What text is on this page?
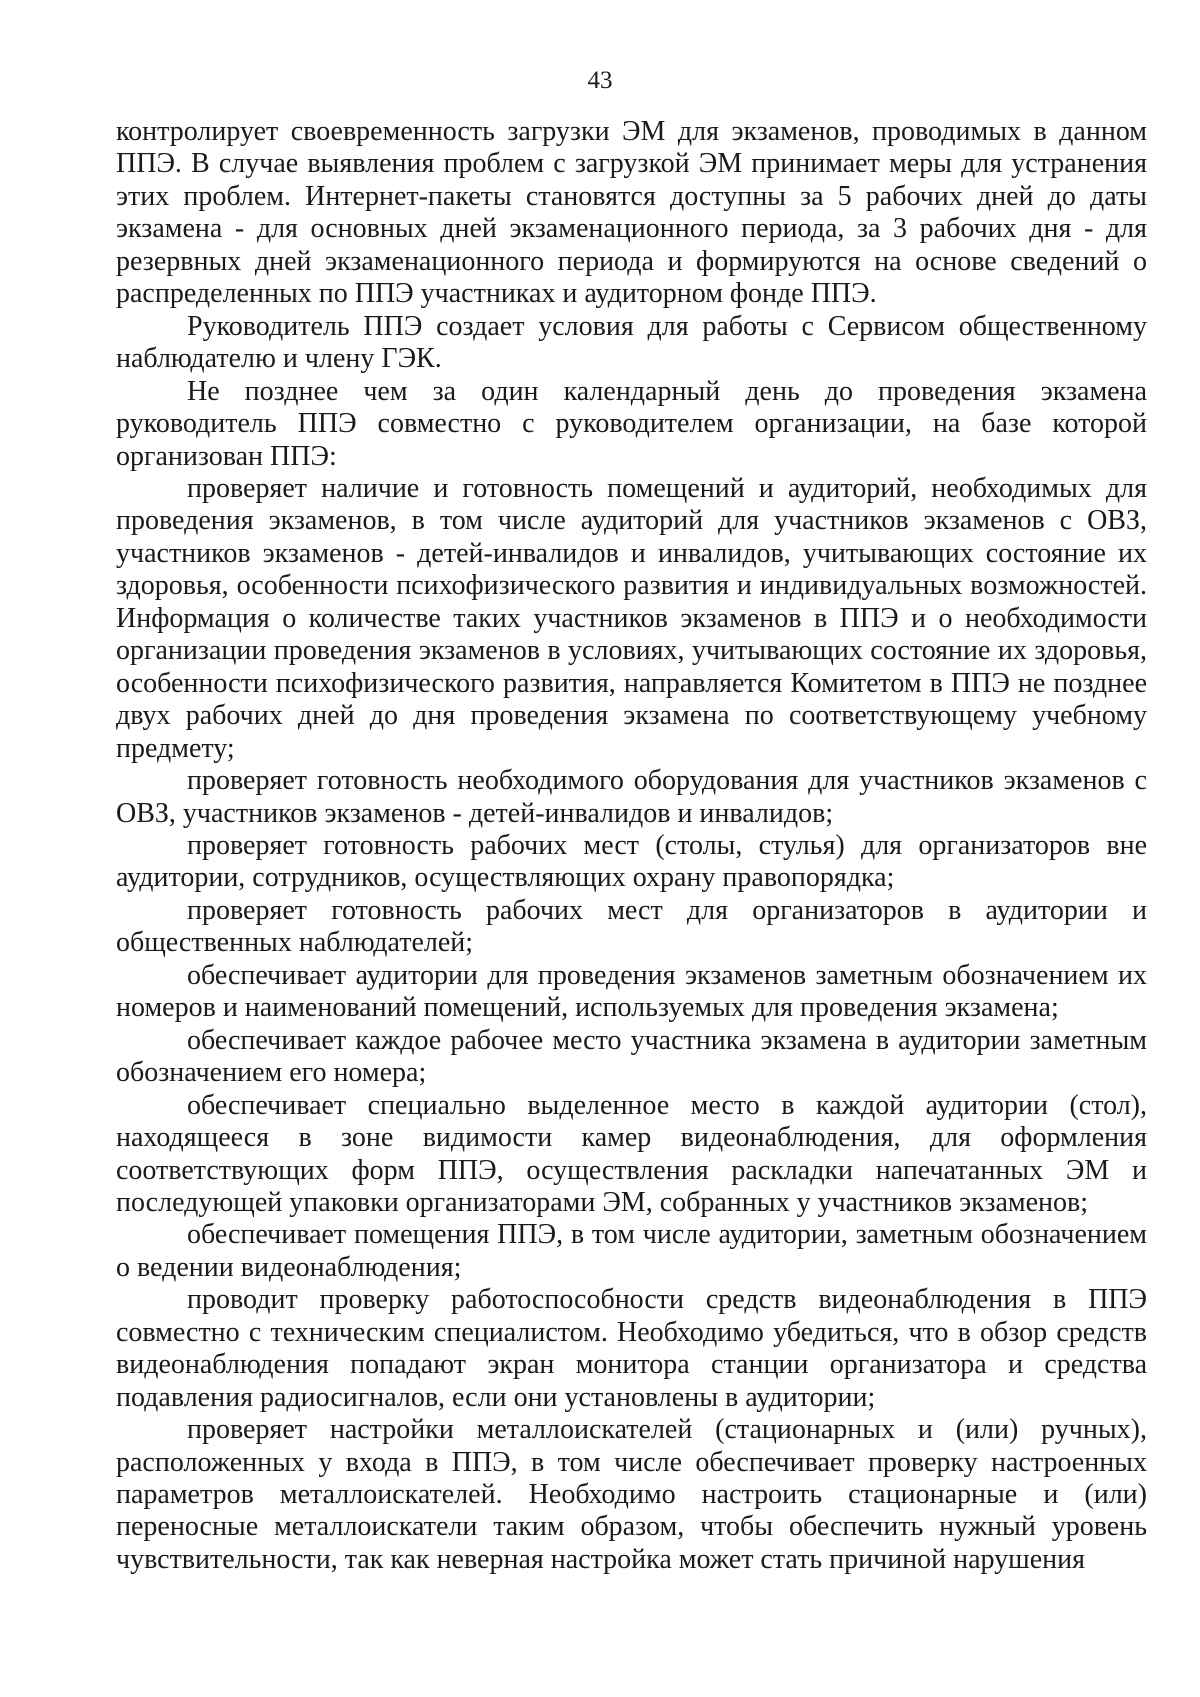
43

контролирует своевременность загрузки ЭМ для экзаменов, проводимых в данном ППЭ. В случае выявления проблем с загрузкой ЭМ принимает меры для устранения этих проблем. Интернет-пакеты становятся доступны за 5 рабочих дней до даты экзамена - для основных дней экзаменационного периода, за 3 рабочих дня - для резервных дней экзаменационного периода и формируются на основе сведений о распределенных по ППЭ участниках и аудиторном фонде ППЭ.

Руководитель ППЭ создает условия для работы с Сервисом общественному наблюдателю и члену ГЭК.

Не позднее чем за один календарный день до проведения экзамена руководитель ППЭ совместно с руководителем организации, на базе которой организован ППЭ:

проверяет наличие и готовность помещений и аудиторий, необходимых для проведения экзаменов, в том числе аудиторий для участников экзаменов с ОВЗ, участников экзаменов - детей-инвалидов и инвалидов, учитывающих состояние их здоровья, особенности психофизического развития и индивидуальных возможностей. Информация о количестве таких участников экзаменов в ППЭ и о необходимости организации проведения экзаменов в условиях, учитывающих состояние их здоровья, особенности психофизического развития, направляется Комитетом в ППЭ не позднее двух рабочих дней до дня проведения экзамена по соответствующему учебному предмету;

проверяет готовность необходимого оборудования для участников экзаменов с ОВЗ, участников экзаменов - детей-инвалидов и инвалидов;

проверяет готовность рабочих мест (столы, стулья) для организаторов вне аудитории, сотрудников, осуществляющих охрану правопорядка;

проверяет готовность рабочих мест для организаторов в аудитории и общественных наблюдателей;

обеспечивает аудитории для проведения экзаменов заметным обозначением их номеров и наименований помещений, используемых для проведения экзамена;

обеспечивает каждое рабочее место участника экзамена в аудитории заметным обозначением его номера;

обеспечивает специально выделенное место в каждой аудитории (стол), находящееся в зоне видимости камер видеонаблюдения, для оформления соответствующих форм ППЭ, осуществления раскладки напечатанных ЭМ и последующей упаковки организаторами ЭМ, собранных у участников экзаменов;

обеспечивает помещения ППЭ, в том числе аудитории, заметным обозначением о ведении видеонаблюдения;

проводит проверку работоспособности средств видеонаблюдения в ППЭ совместно с техническим специалистом. Необходимо убедиться, что в обзор средств видеонаблюдения попадают экран монитора станции организатора и средства подавления радиосигналов, если они установлены в аудитории;

проверяет настройки металлоискателей (стационарных и (или) ручных), расположенных у входа в ППЭ, в том числе обеспечивает проверку настроенных параметров металлоискателей. Необходимо настроить стационарные и (или) переносные металлоискатели таким образом, чтобы обеспечить нужный уровень чувствительности, так как неверная настройка может стать причиной нарушения
